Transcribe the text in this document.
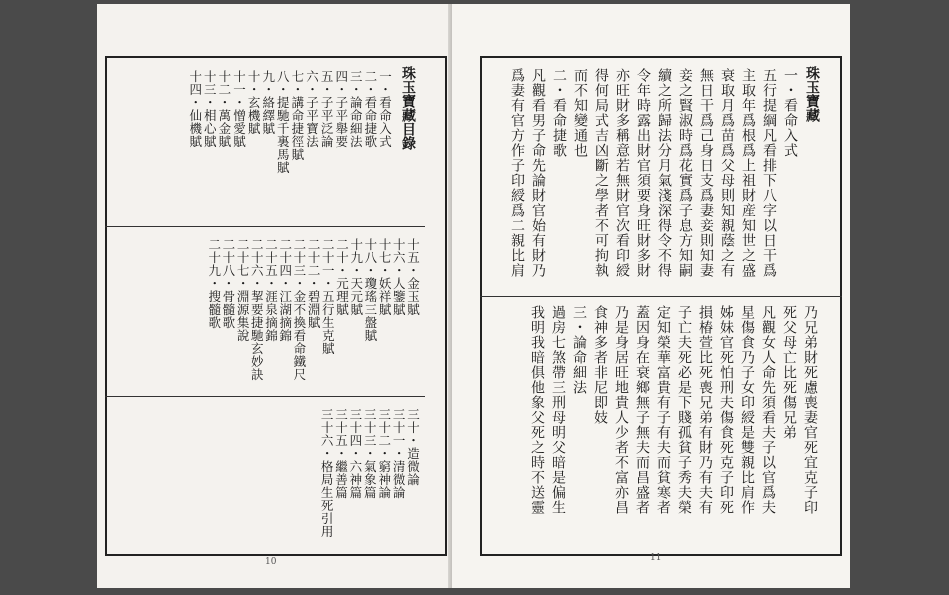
珠玉寶藏目錄
一・看命入式
二・看命捷歌
三・論命細法
四・子平舉要
五・子平泛論
六・子平寶法
七・講命捷徑賦
八・提馳千裏馬賦
九・絡繹賦
十・玄機賦
十一・憎愛賦
十二・萬金賦
十三・相心賦
十四・仙機賦
十五・金玉賦
十六・人鑒賦
十七・妖祥賦
十八・瓊瑤三盤賦
十九・天元賦
二十・元理賦
二十一・五行生克賦
二十二・碧淵賦
二十三・金不換看命鐵尺
二十四・江湖摘錦
二十五・涯泉摘錦
二十六・挈要捷馳玄妙訣
二十七・淵源集說
二十八・骨髓歌
二十九・搜髓歌
三十・造微論
三十一・清微論
三十二・窮神論
三十三・氣象篇
三十四・六神篇
三十五・繼善篇
三十六・格局生死引用
10
珠玉寶藏
一・看命入式
五行提綱凡看排下八字以日干爲
主取年爲根爲上祖財産知世之盛
衰取月爲苗爲父母則知親蔭之有
無日干爲己身日支爲妻妾則知妻
妾之賢淑時爲花實爲子息方知嗣
續之所歸法分月氣淺深得令不得
令年時露出財官須要身旺財多財
亦旺財多稱意若無財官次看印綬
得何局式吉凶斷之學者不可拘執
而不知變通也
二・看命捷歌
凡觀看男子命先論財官始有財乃
爲妻有官方作子印綬爲二親比肩
乃兄弟財死慮喪妻官死宜克子印
死父母亡比死傷兄弟
凡觀女人命先須看夫子以官爲夫
星傷食乃子女印綬是雙親比肩作
姊妹官死怕刑夫傷食死克子印死
損椿萱比死喪兄弟有財乃有夫有
子亡夫死必是下賤孤貧子秀夫榮
定知榮華富貴有子有夫而貧寒者
蓋因身在衰鄉無子無夫而昌盛者
乃是身居旺地貴人少者不富亦昌
食神多者非尼即妓
三・論命細法
過房七煞帶三刑母明父暗是偏生
我明我暗俱他象父死之時不送靈
11
